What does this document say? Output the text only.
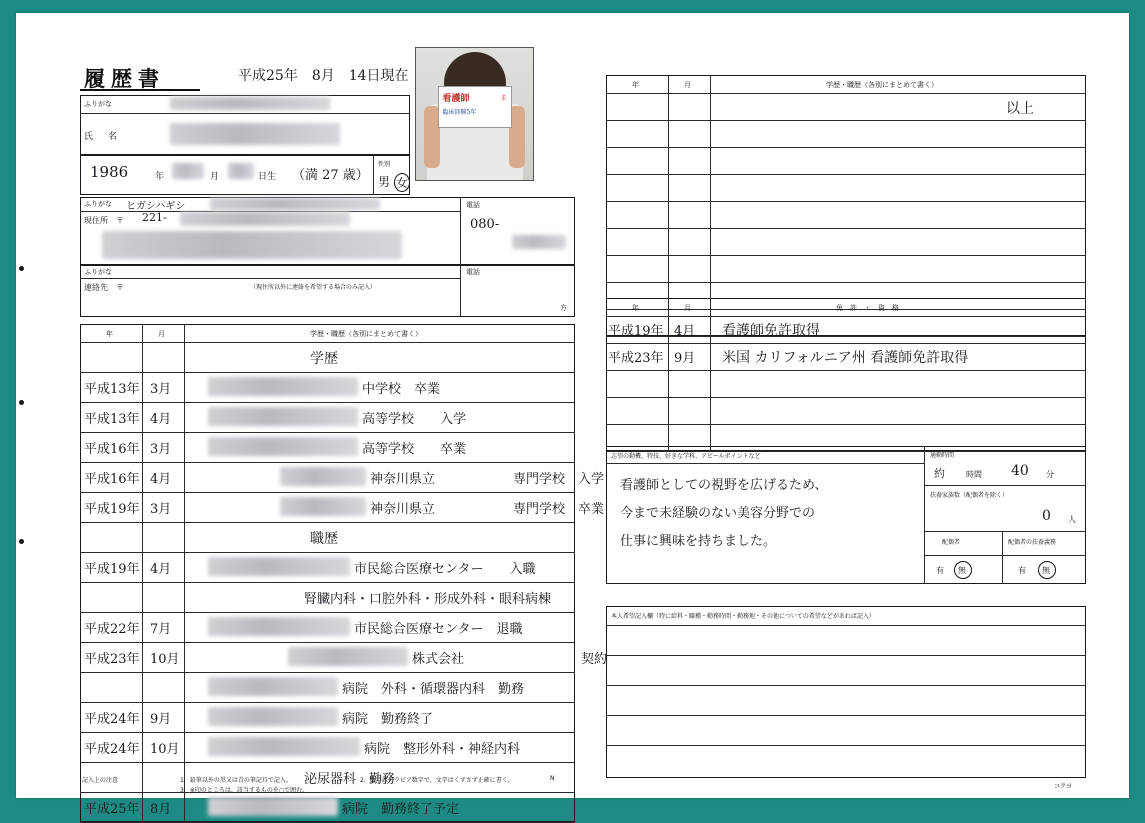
履歴書	平成25年　8月　14日現在
看護師	求
臨床経験5年
ふりがな
氏　名
1986	年	月	日生 （満 27 歳）
性別
男 女
ふりがな ヒガシハギシ
現住所　〒 221-
電話
080-
ふりがな
連絡先　〒	（現住所以外に連絡を希望する場合のみ記入）
電話
方
年	月	学歴・職歴（各別にまとめて書く）
学歴
平成13年 3月	中学校　卒業
平成13年 4月	高等学校　　入学
平成16年 3月	高等学校　　卒業
平成16年 4月	神奈川県立　　　　　　専門学校　入学
平成19年 3月	神奈川県立　　　　　　専門学校　卒業
職歴
平成19年 4月	市民総合医療センター　　入職
腎臓内科・口腔外科・形成外科・眼科病棟
平成22年 7月	市民総合医療センター　退職
平成23年 10月	株式会社　　　　　　　　　契約
病院　外科・循環器内科　勤務
平成24年 9月	病院　勤務終了
平成24年 10月	病院　整形外科・神経内科
泌尿器科　勤務
平成25年 8月	病院　勤務終了予定
記入上の注意	1．鉛筆以外の黒又は青の筆記具で記入。
3．※印のところは、該当するものを○で囲む。
2．数字はアラビア数字で、文字はくずさず正確に書く。	N
年	月	学歴・職歴（各別にまとめて書く）
以上
年	月	免　許　・　資　格
平成19年 4月 看護師免許取得
平成23年 9月 米国 カリフォルニア州 看護師免許取得
志望の動機、特技、好きな学科、アピールポイントなど
看護師としての視野を広げるため、
今まで未経験のない美容分野での
仕事に興味を持ちました。
通勤時間
約	時間 40 分
扶養家族数（配偶者を除く）
0 人
配偶者	配偶者の扶養義務
有 無	有 無
本人希望記入欄（特に給料・職種・勤務時間・勤務地・その他についての希望などがあれば記入）
コクヨ
